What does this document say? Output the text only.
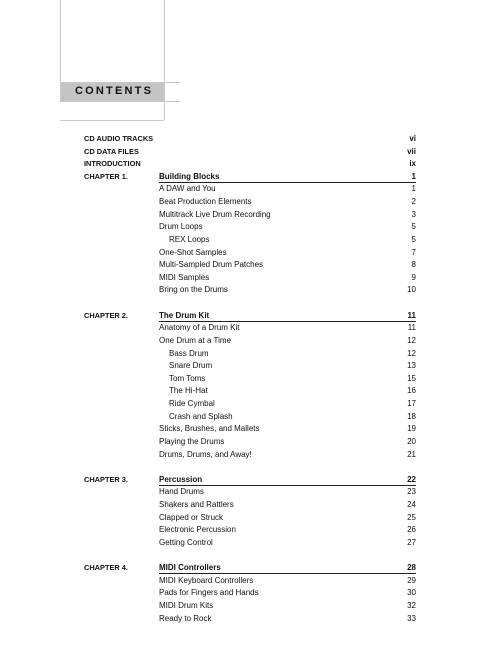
CONTENTS
CD AUDIO TRACKS	vi
CD DATA FILES	vii
INTRODUCTION	ix
CHAPTER 1.	Building Blocks	1
A DAW and You	1
Beat Production Elements	2
Multitrack Live Drum Recording	3
Drum Loops	5
REX Loops	5
One-Shot Samples	7
Multi-Sampled Drum Patches	8
MIDI Samples	9
Bring on the Drums	10
CHAPTER 2.	The Drum Kit	11
Anatomy of a Drum Kit	11
One Drum at a Time	12
Bass Drum	12
Snare Drum	13
Tom Toms	15
The Hi-Hat	16
Ride Cymbal	17
Crash and Splash	18
Sticks, Brushes, and Mallets	19
Playing the Drums	20
Drums, Drums, and Away!	21
CHAPTER 3.	Percussion	22
Hand Drums	23
Shakers and Rattlers	24
Clapped or Struck	25
Electronic Percussion	26
Getting Control	27
CHAPTER 4.	MIDI Controllers	28
MIDI Keyboard Controllers	29
Pads for Fingers and Hands	30
MIDI Drum Kits	32
Ready to Rock	33
